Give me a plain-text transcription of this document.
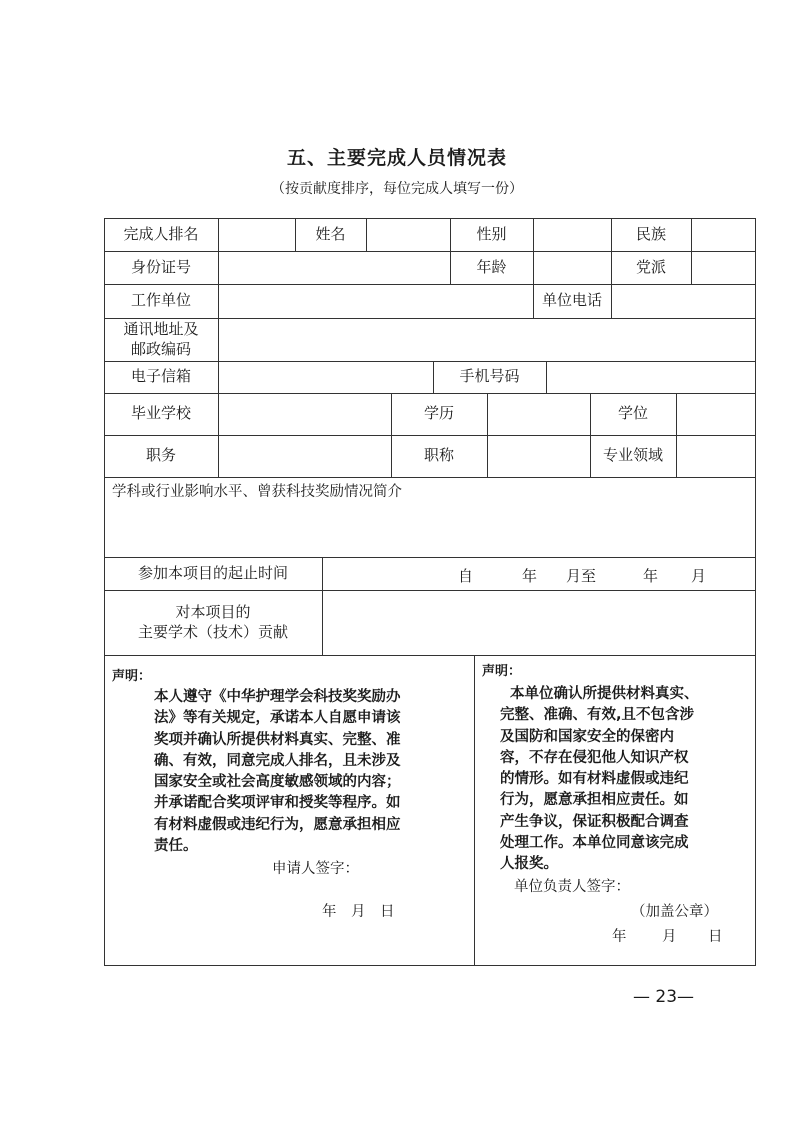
五、主要完成人员情况表
（按贡献度排序，每位完成人填写一份）
完成人排名	姓名	性别	民族
身份证号	年龄	党派
工作单位	单位电话
通讯地址及
邮政编码
电子信箱	手机号码
毕业学校	学历	学位
职务	职称	专业领域
学科或行业影响水平、曾获科技奖励情况简介
参加本项目的起止时间	自	年 月至	年 月
对本项目的
主要学术（技术）贡献
声明：
本人遵守《中华护理学会科技奖奖励办
法》等有关规定，承诺本人自愿申请该
奖项并确认所提供材料真实、完整、准
确、有效，同意完成人排名，且未涉及
国家安全或社会高度敏感领域的内容；
并承诺配合奖项评审和授奖等程序。如
有材料虚假或违纪行为，愿意承担相应
责任。
申请人签字：
年　月　日
声明：
本单位确认所提供材料真实、
完整、准确、有效,且不包含涉
及国防和国家安全的保密内
容，不存在侵犯他人知识产权
的情形。如有材料虚假或违纪
行为，愿意承担相应责任。如
产生争议，保证积极配合调查
处理工作。本单位同意该完成
人报奖。
单位负责人签字：
（加盖公章）
年 月 日
— 23—
